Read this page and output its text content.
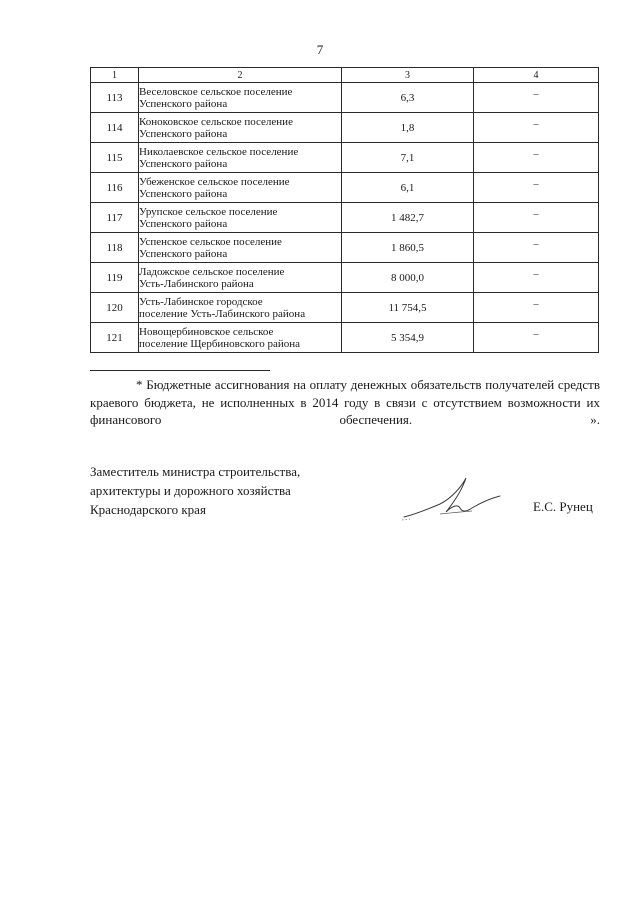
7
1	2	3	4
113	Веселовское сельское поселение
Успенского района	6,3	–
114	Коноковское сельское поселение
Успенского района	1,8	–
115	Николаевское сельское поселение
Успенского района	7,1	–
116	Убеженское сельское поселение
Успенского района	6,1	–
117	Урупское сельское поселение
Успенского района	1 482,7	–
118	Успенское сельское поселение
Успенского района	1 860,5	–
119	Ладожское сельское поселение
Усть-Лабинского района	8 000,0	–
120	Усть-Лабинское городское
поселение Усть-Лабинского района	11 754,5	–
121	Новощербиновское сельское
поселение Щербиновского района	5 354,9	–
* Бюджетные ассигнования на оплату денежных обязательств получателей средств краевого бюджета, не исполненных в 2014 году в связи с отсутствием возможности их финансового обеспечения. ».
Заместитель министра строительства,
архитектуры и дорожного хозяйства
Краснодарского края	Е.С. Рунец
